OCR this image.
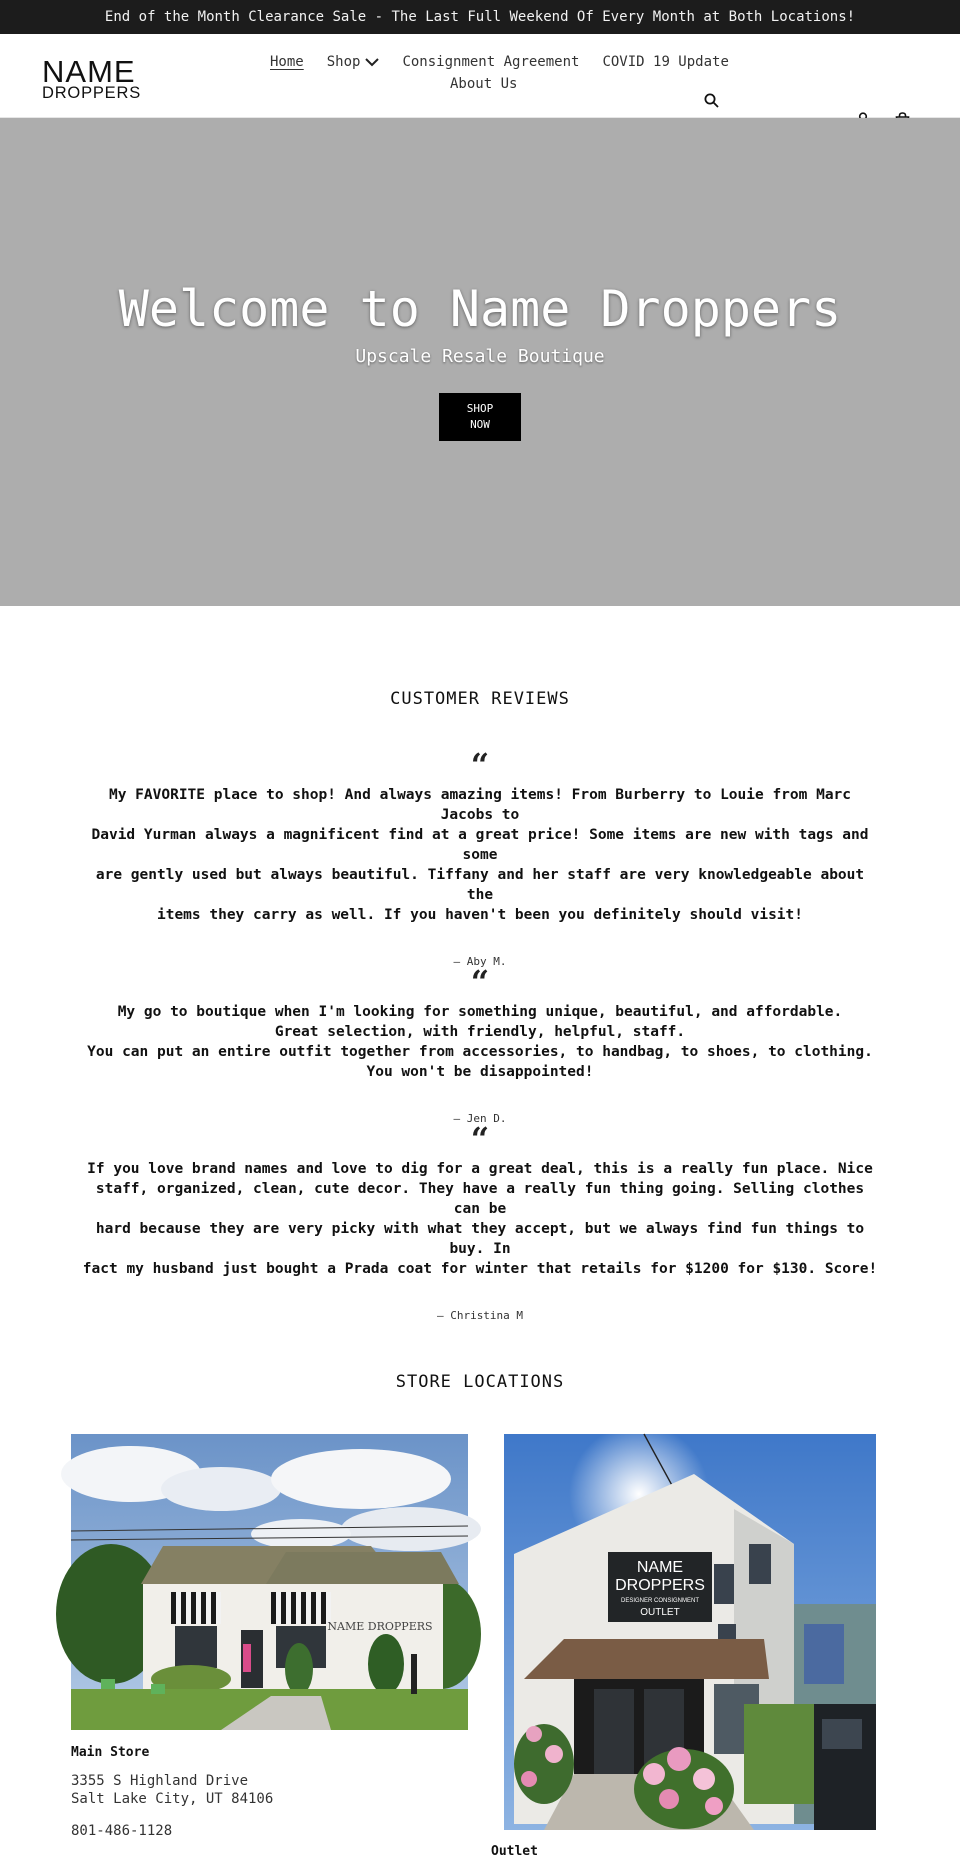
End of the Month Clearance Sale - The Last Full Weekend Of Every Month at Both Locations!
NAME
DROPPERS
Home Shop	Consignment Agreement COVID 19 Update
About Us
Welcome to Name Droppers
Upscale Resale Boutique
SHOP NOW
CUSTOMER REVIEWS
“
My FAVORITE place to shop! And always amazing items! From Burberry to Louie from Marc Jacobs to
David Yurman always a magnificent find at a great price! Some items are new with tags and some
are gently used but always beautiful. Tiffany and her staff are very knowledgeable about the
items they carry as well. If you haven't been you definitely should visit!
— Aby M.
“
My go to boutique when I'm looking for something unique, beautiful, and affordable.
Great selection, with friendly, helpful, staff.
You can put an entire outfit together from accessories, to handbag, to shoes, to clothing.
You won't be disappointed!
— Jen D.
“
If you love brand names and love to dig for a great deal, this is a really fun place. Nice
staff, organized, clean, cute decor. They have a really fun thing going. Selling clothes can be
hard because they are very picky with what they accept, but we always find fun things to buy. In
fact my husband just bought a Prada coat for winter that retails for $1200 for $130. Score!
— Christina M
STORE LOCATIONS
NAME DROPPERS
NAME
DROPPERS
DESIGNER CONSIGNMENT
OUTLET
Main Store
3355 S Highland Drive
Salt Lake City, UT 84106
801-486-1128
Outlet
